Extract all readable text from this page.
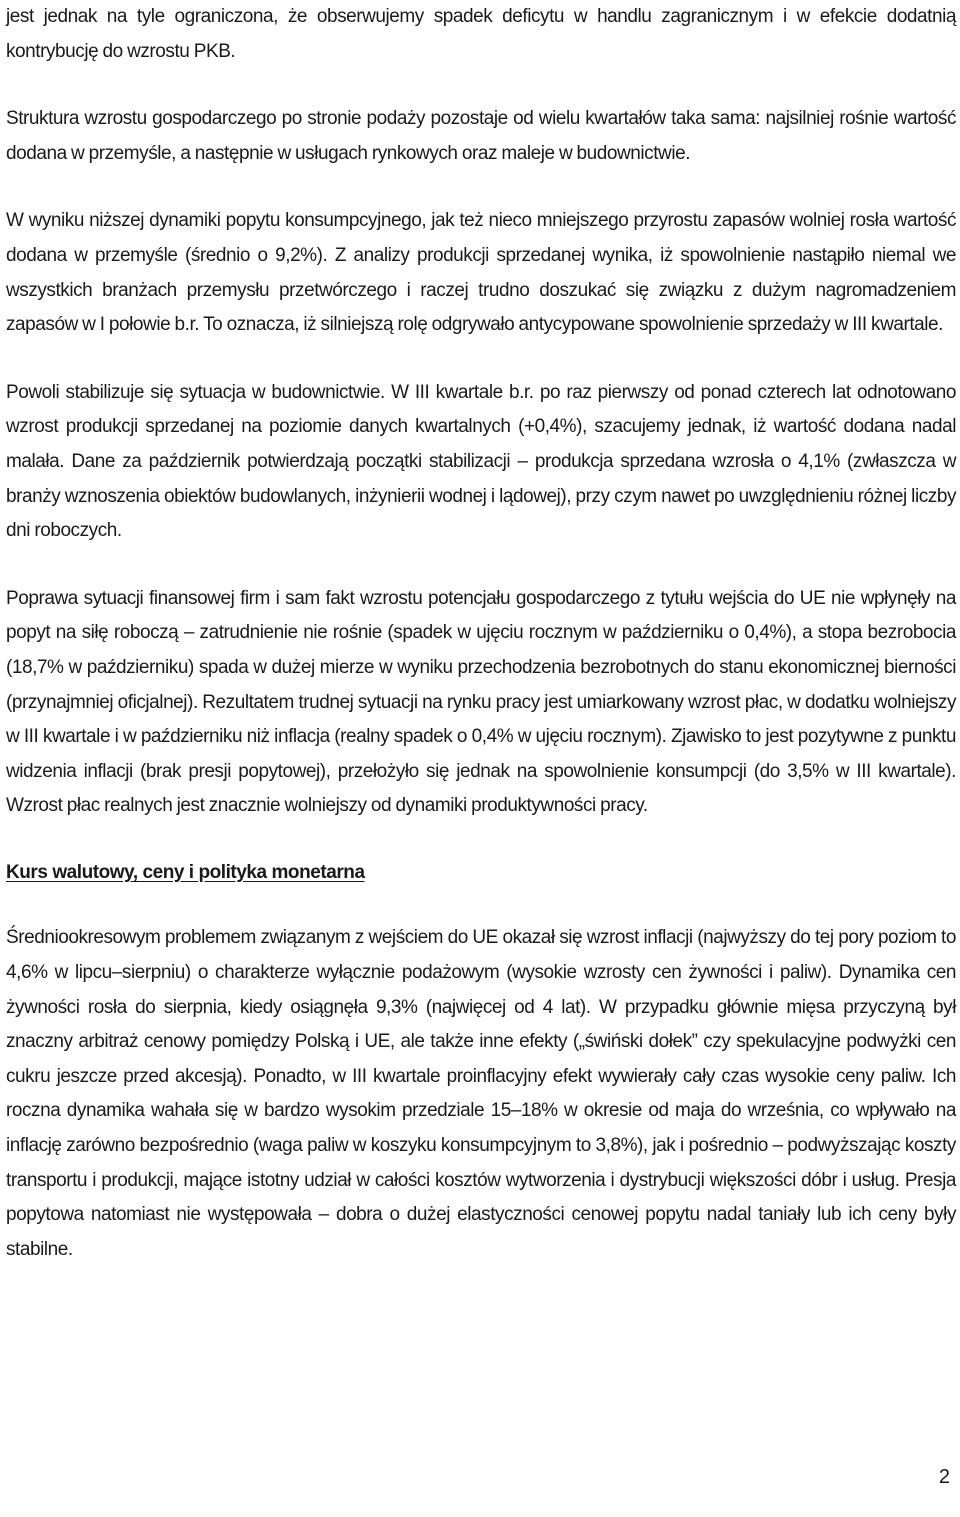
jest jednak na tyle ograniczona, że obserwujemy spadek deficytu w handlu zagranicznym i w efekcie dodatnią kontrybucję do wzrostu PKB.

Struktura wzrostu gospodarczego po stronie podaży pozostaje od wielu kwartałów taka sama: najsilniej rośnie wartość dodana w przemyśle, a następnie w usługach rynkowych oraz maleje w budownictwie.

W wyniku niższej dynamiki popytu konsumpcyjnego, jak też nieco mniejszego przyrostu zapasów wolniej rosła wartość dodana w przemyśle (średnio o 9,2%). Z analizy produkcji sprzedanej wynika, iż spowolnienie nastąpiło niemal we wszystkich branżach przemysłu przetwórczego i raczej trudno doszukać się związku z dużym nagromadzeniem zapasów w I połowie b.r. To oznacza, iż silniejszą rolę odgrywało antycypowane spowolnienie sprzedaży w III kwartale.

Powoli stabilizuje się sytuacja w budownictwie. W III kwartale b.r. po raz pierwszy od ponad czterech lat odnotowano wzrost produkcji sprzedanej na poziomie danych kwartalnych (+0,4%), szacujemy jednak, iż wartość dodana nadal malała. Dane za październik potwierdzają początki stabilizacji – produkcja sprzedana wzrosła o 4,1% (zwłaszcza w branży wznoszenia obiektów budowlanych, inżynierii wodnej i lądowej), przy czym nawet po uwzględnieniu różnej liczby dni roboczych.

Poprawa sytuacji finansowej firm i sam fakt wzrostu potencjału gospodarczego z tytułu wejścia do UE nie wpłynęły na popyt na siłę roboczą – zatrudnienie nie rośnie (spadek w ujęciu rocznym w październiku o 0,4%), a stopa bezrobocia (18,7% w październiku) spada w dużej mierze w wyniku przechodzenia bezrobotnych do stanu ekonomicznej bierności (przynajmniej oficjalnej). Rezultatem trudnej sytuacji na rynku pracy jest umiarkowany wzrost płac, w dodatku wolniejszy w III kwartale i w październiku niż inflacja (realny spadek o 0,4% w ujęciu rocznym). Zjawisko to jest pozytywne z punktu widzenia inflacji (brak presji popytowej), przełożyło się jednak na spowolnienie konsumpcji (do 3,5% w III kwartale). Wzrost płac realnych jest znacznie wolniejszy od dynamiki produktywności pracy.

Kurs walutowy, ceny i polityka monetarna

Średniookresowym problemem związanym z wejściem do UE okazał się wzrost inflacji (najwyższy do tej pory poziom to 4,6% w lipcu–sierpniu) o charakterze wyłącznie podażowym (wysokie wzrosty cen żywności i paliw). Dynamika cen żywności rosła do sierpnia, kiedy osiągnęła 9,3% (najwięcej od 4 lat). W przypadku głównie mięsa przyczyną był znaczny arbitraż cenowy pomiędzy Polską i UE, ale także inne efekty („świński dołek” czy spekulacyjne podwyżki cen cukru jeszcze przed akcesją). Ponadto, w III kwartale proinflacyjny efekt wywierały cały czas wysokie ceny paliw. Ich roczna dynamika wahała się w bardzo wysokim przedziale 15–18% w okresie od maja do września, co wpływało na inflację zarówno bezpośrednio (waga paliw w koszyku konsumpcyjnym to 3,8%), jak i pośrednio – podwyższając koszty transportu i produkcji, mające istotny udział w całości kosztów wytworzenia i dystrybucji większości dóbr i usług. Presja popytowa natomiast nie występowała – dobra o dużej elastyczności cenowej popytu nadal taniały lub ich ceny były stabilne.

2
